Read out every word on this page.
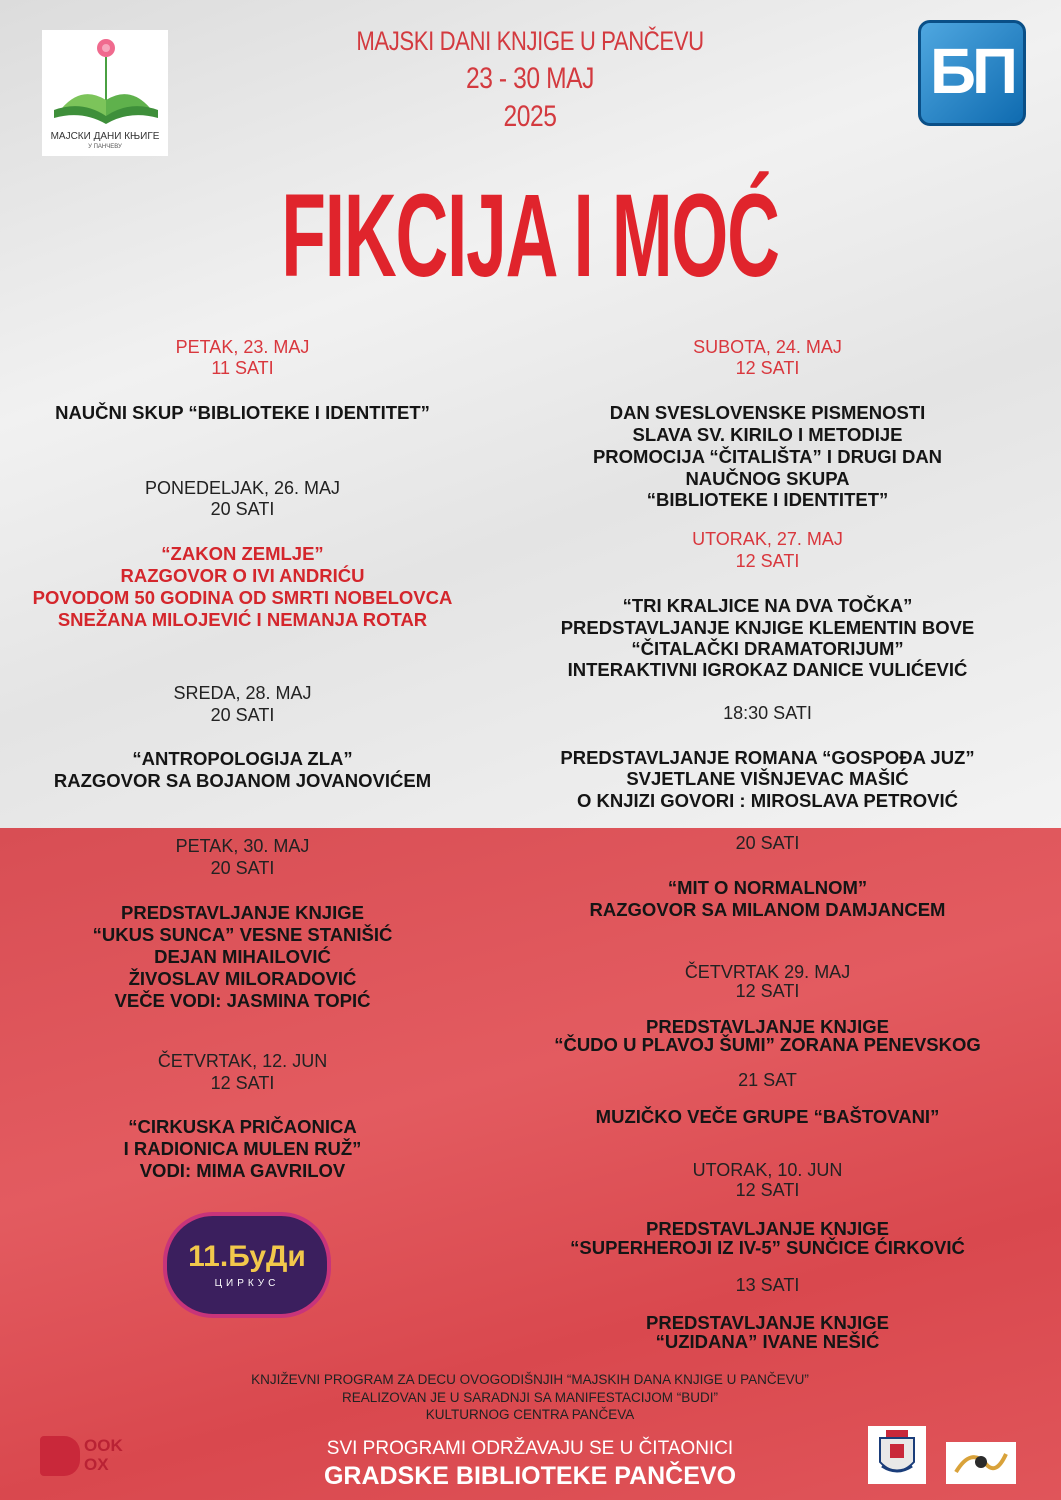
МАЈСКИ ДАНИ КЊИГЕ
У ПАНЧЕВУ
БП
MAJSKI DANI KNJIGE U PANČEVU
23 - 30 MAJ
2025
FIKCIJA I MOĆ
PETAK, 23. MAJ
11 SATI
NAUČNI SKUP “BIBLIOTEKE I IDENTITET”
PONEDELJAK, 26. MAJ
20 SATI
“ZAKON ZEMLJE”
RAZGOVOR O IVI ANDRIĆU
POVODOM 50 GODINA OD SMRTI NOBELOVCA
SNEŽANA MILOJEVIĆ I NEMANJA ROTAR
SREDA, 28. MAJ
20 SATI
“ANTROPOLOGIJA ZLA”
RAZGOVOR SA BOJANOM JOVANOVIĆEM
PETAK, 30. MAJ
20 SATI
PREDSTAVLJANJE KNJIGE
“UKUS SUNCA” VESNE STANIŠIĆ
DEJAN MIHAILOVIĆ
ŽIVOSLAV MILORADOVIĆ
VEČE VODI: JASMINA TOPIĆ
ČETVRTAK, 12. JUN
12 SATI
“CIRKUSKA PRIČAONICA
I RADIONICA MULEN RUŽ”
VODI: MIMA GAVRILOV
11.БуДи
ЦИРКУС
SUBOTA, 24. MAJ
12 SATI
DAN SVESLOVENSKE PISMENOSTI
SLAVA SV. KIRILO I METODIJE
PROMOCIJA “ČITALIŠTA” I DRUGI DAN
NAUČNOG SKUPA
“BIBLIOTEKE I IDENTITET”
UTORAK, 27. MAJ
12 SATI
“TRI KRALJICE NA DVA TOČKA”
PREDSTAVLJANJE KNJIGE KLEMENTIN BOVE
“ČITALAČKI DRAMATORIJUM”
INTERAKTIVNI IGROKAZ DANICE VULIĆEVIĆ
18:30 SATI
PREDSTAVLJANJE ROMANA “GOSPOĐA JUZ”
SVJETLANE VIŠNJEVAC MAŠIĆ
O KNJIZI GOVORI : MIROSLAVA PETROVIĆ
20 SATI
“MIT O NORMALNOM”
RAZGOVOR SA MILANOM DAMJANCEM
ČETVRTAK 29. MAJ
12 SATI
PREDSTAVLJANJE KNJIGE
“ČUDO U PLAVOJ ŠUMI” ZORANA PENEVSKOG
21 SAT
MUZIČKO VEČE GRUPE “BAŠTOVANI”
UTORAK, 10. JUN
12 SATI
PREDSTAVLJANJE KNJIGE
“SUPERHEROJI IZ IV-5” SUNČICE ĆIRKOVIĆ
13 SATI
PREDSTAVLJANJE KNJIGE
“UZIDANA” IVANE NEŠIĆ
KNJIŽEVNI PROGRAM ZA DECU OVOGODIŠNJIH “MAJSKIH DANA KNJIGE U PANČEVU”
REALIZOVAN JE U SARADNJI SA MANIFESTACIJOM “BUDI”
KULTURNOG CENTRA PANČEVA
SVI PROGRAMI ODRŽAVAJU SE U ČITAONICI
GRADSKE BIBLIOTEKE PANČEVO
OOK OX
